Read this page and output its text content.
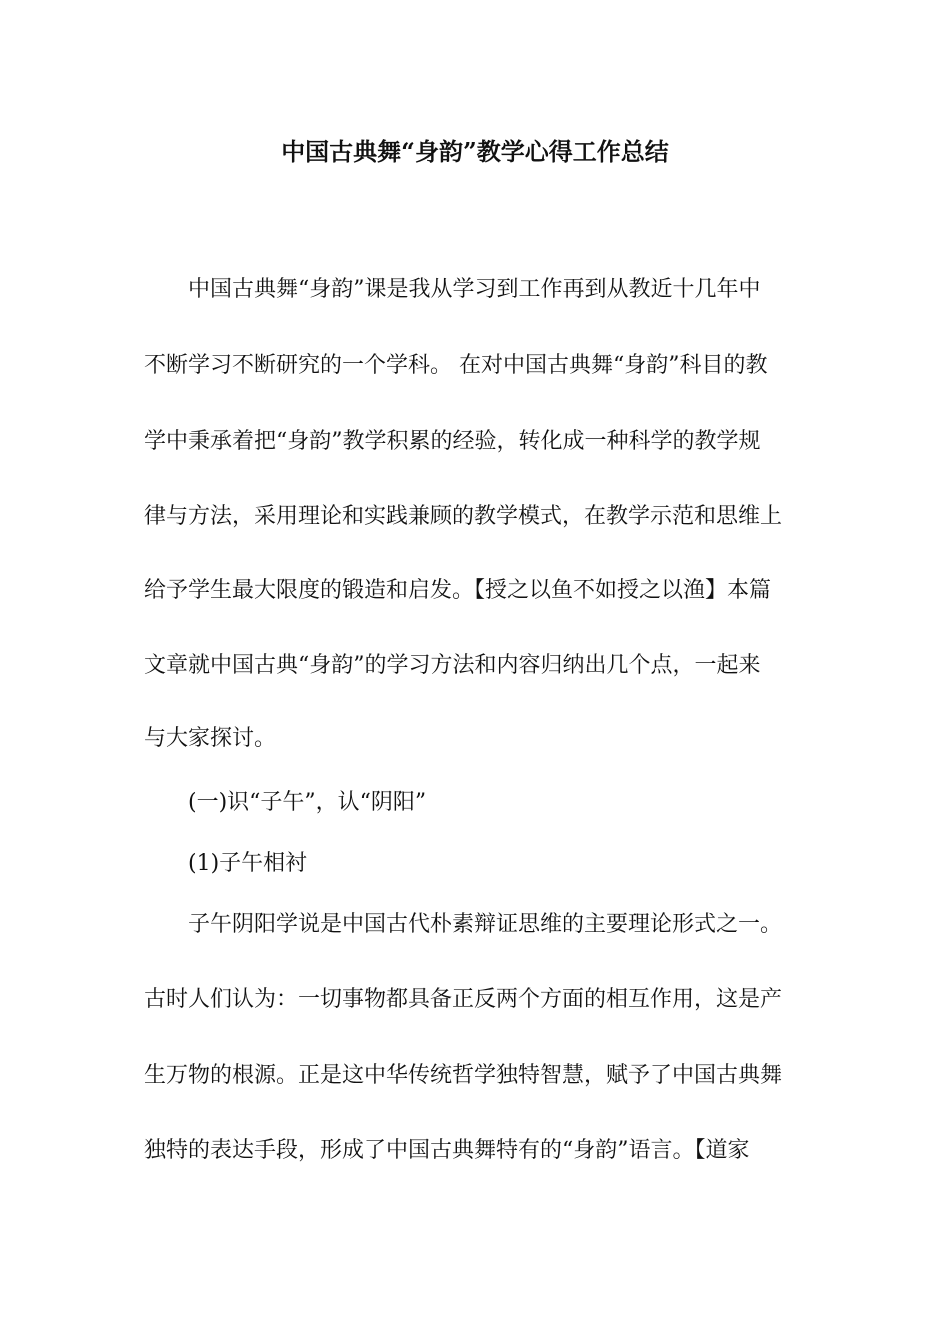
中国古典舞“身韵”教学心得工作总结
中国古典舞“身韵”课是我从学习到工作再到从教近十几年中
不断学习不断研究的一个学科。 在对中国古典舞“身韵”科目的教
学中秉承着把“身韵”教学积累的经验，转化成一种科学的教学规
律与方法，采用理论和实践兼顾的教学模式，在教学示范和思维上
给予学生最大限度的锻造和启发。【授之以鱼不如授之以渔】本篇
文章就中国古典“身韵”的学习方法和内容归纳出几个点，一起来
与大家探讨。
(一)识“子午”，认“阴阳”
(1)子午相衬
子午阴阳学说是中国古代朴素辩证思维的主要理论形式之一。
古时人们认为：一切事物都具备正反两个方面的相互作用，这是产
生万物的根源。正是这中华传统哲学独特智慧，赋予了中国古典舞
独特的表达手段，形成了中国古典舞特有的“身韵”语言。【道家
